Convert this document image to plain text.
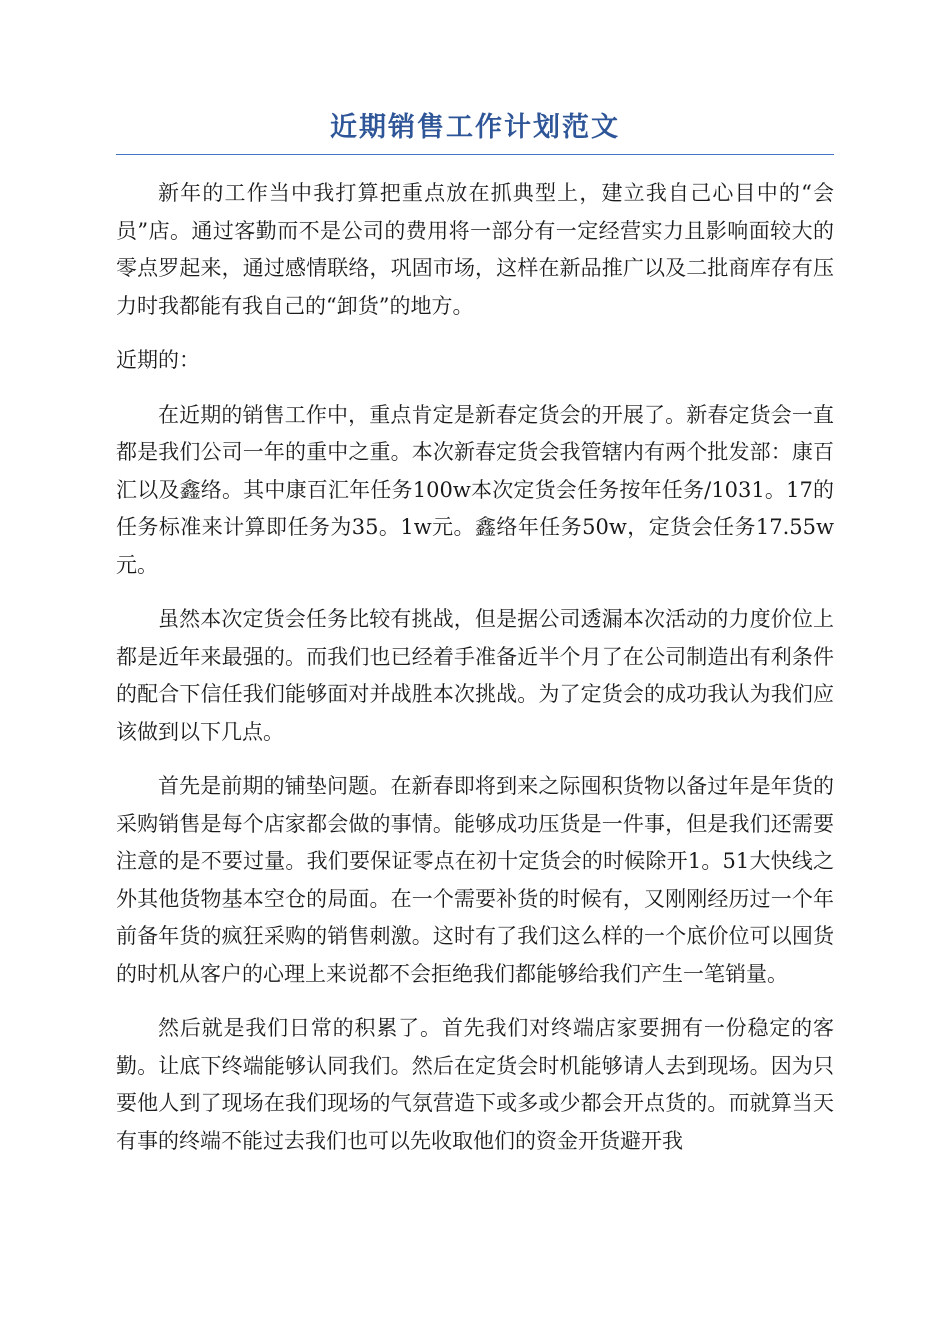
近期销售工作计划范文

新年的工作当中我打算把重点放在抓典型上，建立我自己心目中的“会员”店。通过客勤而不是公司的费用将一部分有一定经营实力且影响面较大的零点罗起来，通过感情联络，巩固市场，这样在新品推广以及二批商库存有压力时我都能有我自己的“卸货”的地方。

近期的：

在近期的销售工作中，重点肯定是新春定货会的开展了。新春定货会一直都是我们公司一年的重中之重。本次新春定货会我管辖内有两个批发部：康百汇以及鑫络。其中康百汇年任务100w本次定货会任务按年任务/1031。17的任务标准来计算即任务为35。1w元。鑫络年任务50w，定货会任务17.55w元。

虽然本次定货会任务比较有挑战，但是据公司透漏本次活动的力度价位上都是近年来最强的。而我们也已经着手准备近半个月了在公司制造出有利条件的配合下信任我们能够面对并战胜本次挑战。为了定货会的成功我认为我们应该做到以下几点。

首先是前期的铺垫问题。在新春即将到来之际囤积货物以备过年是年货的采购销售是每个店家都会做的事情。能够成功压货是一件事，但是我们还需要注意的是不要过量。我们要保证零点在初十定货会的时候除开1。51大快线之外其他货物基本空仓的局面。在一个需要补货的时候有，又刚刚经历过一个年前备年货的疯狂采购的销售刺激。这时有了我们这么样的一个底价位可以囤货的时机从客户的心理上来说都不会拒绝我们都能够给我们产生一笔销量。

然后就是我们日常的积累了。首先我们对终端店家要拥有一份稳定的客勤。让底下终端能够认同我们。然后在定货会时机能够请人去到现场。因为只要他人到了现场在我们现场的气氛营造下或多或少都会开点货的。而就算当天有事的终端不能过去我们也可以先收取他们的资金开货避开我
